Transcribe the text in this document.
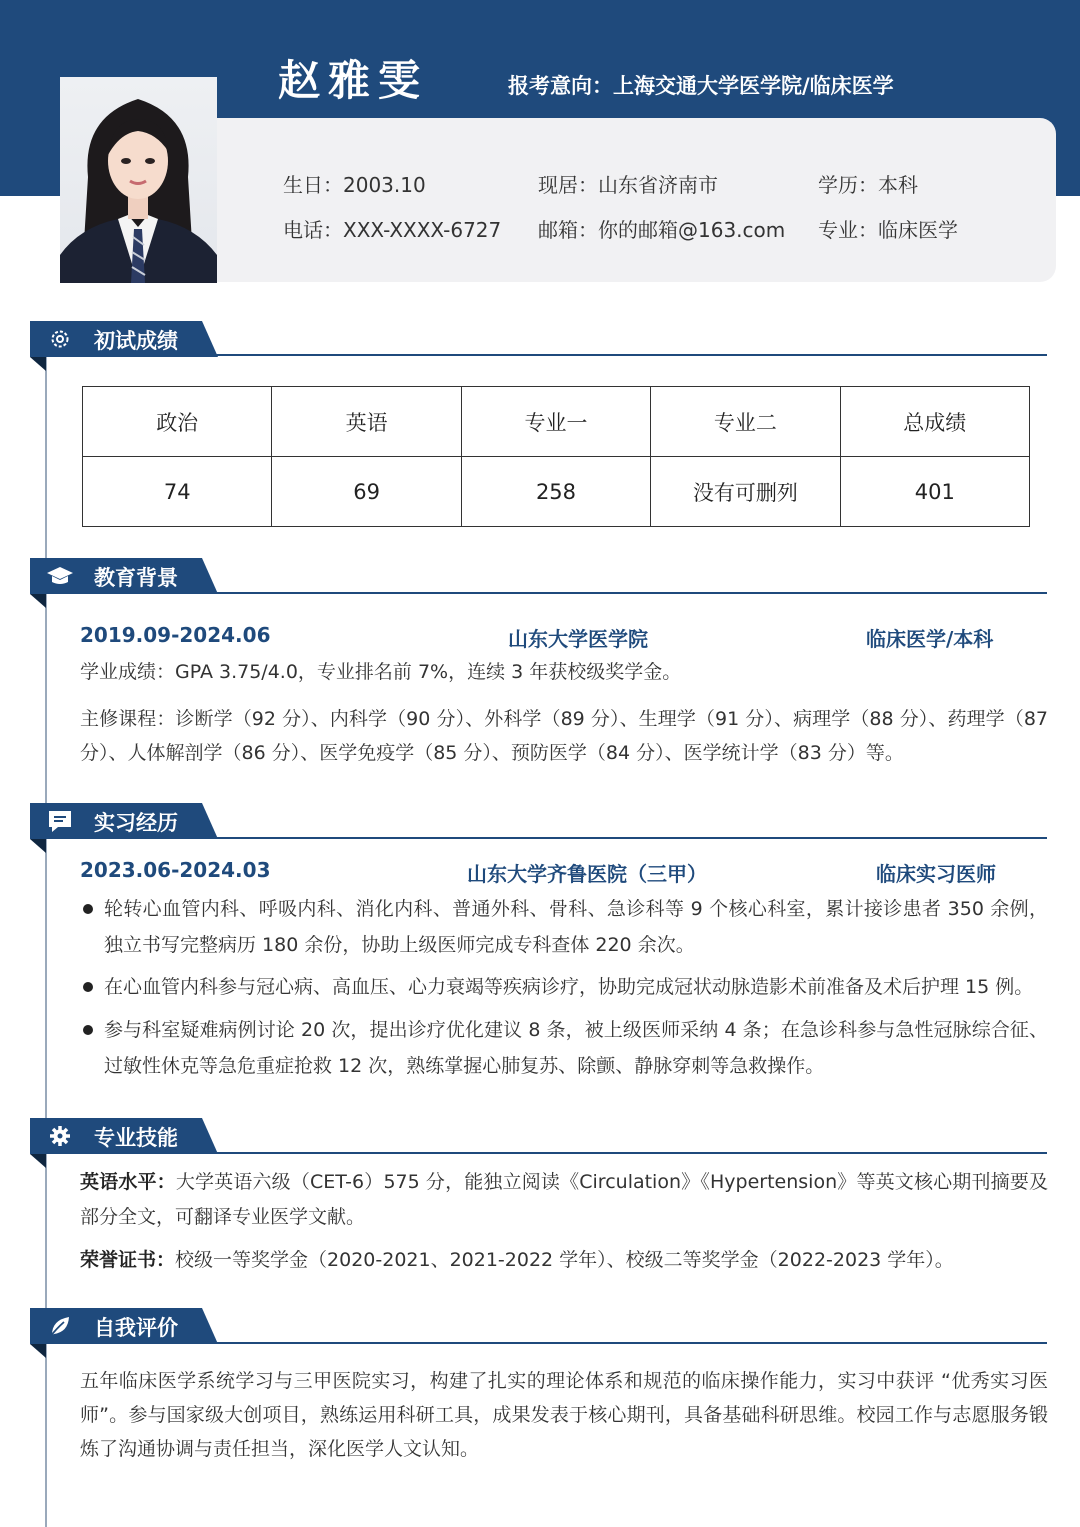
赵雅雯	报考意向：上海交通大学医学院/临床医学
生日：2003.10	现居：山东省济南市	学历：本科
电话：XXX-XXXX-6727 邮箱：你的邮箱@163.com 专业：临床医学
初试成绩
政治	英语	专业一	专业二	总成绩
74	69	258	没有可删列	401
教育背景
2019.09-2024.06	山东大学医学院	临床医学/本科
学业成绩：GPA 3.75/4.0，专业排名前 7%，连续 3 年获校级奖学金。
主修课程：诊断学（92 分）、内科学（90 分）、外科学（89 分）、生理学（91 分）、病理学（88 分）、药理学（87 分）、人体解剖学（86 分）、医学免疫学（85 分）、预防医学（84 分）、医学统计学（83 分）等。
实习经历
2023.06-2024.03	山东大学齐鲁医院（三甲）	临床实习医师
轮转心血管内科、呼吸内科、消化内科、普通外科、骨科、急诊科等 9 个核心科室，累计接诊患者 350 余例，独立书写完整病历 180 余份，协助上级医师完成专科查体 220 余次。
在心血管内科参与冠心病、高血压、心力衰竭等疾病诊疗，协助完成冠状动脉造影术前准备及术后护理 15 例。
参与科室疑难病例讨论 20 次，提出诊疗优化建议 8 条，被上级医师采纳 4 条；在急诊科参与急性冠脉综合征、过敏性休克等急危重症抢救 12 次，熟练掌握心肺复苏、除颤、静脉穿刺等急救操作。
专业技能
英语水平：大学英语六级（CET-6）575 分，能独立阅读《Circulation》《Hypertension》等英文核心期刊摘要及部分全文，可翻译专业医学文献。
荣誉证书：校级一等奖学金（2020-2021、2021-2022 学年）、校级二等奖学金（2022-2023 学年）。
自我评价
五年临床医学系统学习与三甲医院实习，构建了扎实的理论体系和规范的临床操作能力，实习中获评 “优秀实习医师”。参与国家级大创项目，熟练运用科研工具，成果发表于核心期刊，具备基础科研思维。校园工作与志愿服务锻炼了沟通协调与责任担当，深化医学人文认知。
